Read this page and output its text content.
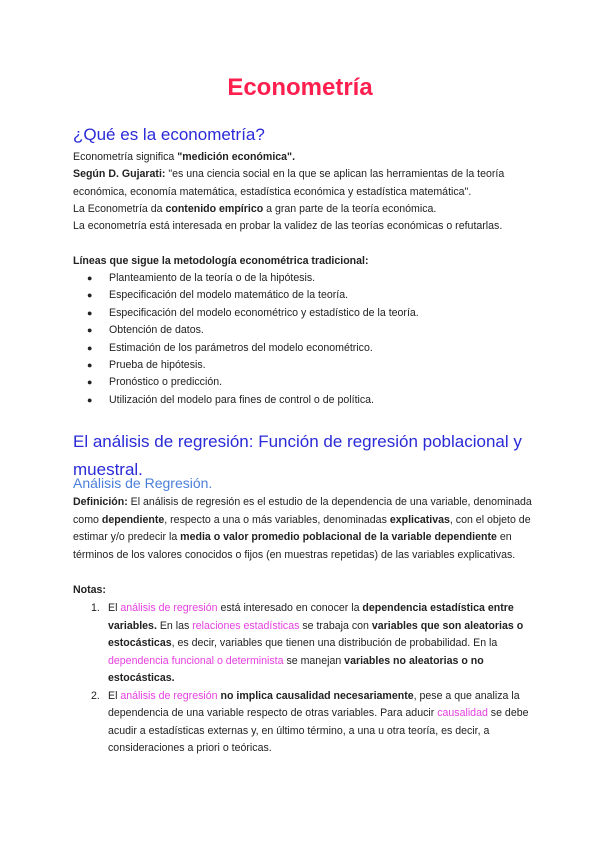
Econometría
¿Qué es la econometría?

Econometría significa "medición económica".

Según D. Gujarati: "es una ciencia social en la que se aplican las herramientas de la teoría económica, economía matemática, estadística económica y estadística matemática".

La Econometría da contenido empírico a gran parte de la teoría económica.

La econometría está interesada en probar la validez de las teorías económicas o refutarlas.

Líneas que sigue la metodología econométrica tradicional:

● Planteamiento de la teoría o de la hipótesis.
● Especificación del modelo matemático de la teoría.
● Especificación del modelo econométrico y estadístico de la teoría.
● Obtención de datos.
● Estimación de los parámetros del modelo econométrico.
● Prueba de hipótesis.
● Pronóstico o predicción.
● Utilización del modelo para fines de control o de política.
El análisis de regresión: Función de regresión poblacional y muestral.
Análisis de Regresión.

Definición: El análisis de regresión es el estudio de la dependencia de una variable, denominada como dependiente, respecto a una o más variables, denominadas explicativas, con el objeto de estimar y/o predecir la media o valor promedio poblacional de la variable dependiente en términos de los valores conocidos o fijos (en muestras repetidas) de las variables explicativas.

Notas:

1. El análisis de regresión está interesado en conocer la dependencia estadística entre variables. En las relaciones estadísticas se trabaja con variables que son aleatorias o estocásticas, es decir, variables que tienen una distribución de probabilidad. En la dependencia funcional o determinista se manejan variables no aleatorias o no estocásticas.
2. El análisis de regresión no implica causalidad necesariamente, pese a que analiza la dependencia de una variable respecto de otras variables. Para aducir causalidad se debe acudir a estadísticas externas y, en último término, a una u otra teoría, es decir, a consideraciones a priori o teóricas.
